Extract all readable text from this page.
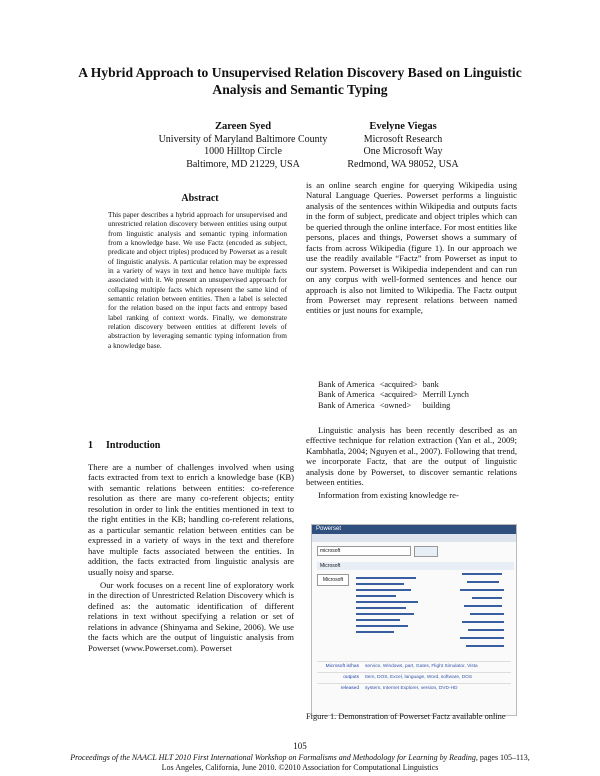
A Hybrid Approach to Unsupervised Relation Discovery Based on Linguistic Analysis and Semantic Typing
Zareen Syed
University of Maryland Baltimore County
1000 Hilltop Circle
Baltimore, MD 21229, USA
Evelyne Viegas
Microsoft Research
One Microsoft Way
Redmond, WA 98052, USA
Abstract

This paper describes a hybrid approach for unsupervised and unrestricted relation discovery between entities using output from linguistic analysis and semantic typing information from a knowledge base. We use Factz (encoded as subject, predicate and object triples) produced by Powerset as a result of linguistic analysis. A particular relation may be expressed in a variety of ways in text and hence have multiple facts associated with it. We present an unsupervised approach for collapsing multiple facts which represent the same kind of semantic relation between entities. Then a label is selected for the relation based on the input facts and entropy based label ranking of context words. Finally, we demonstrate relation discovery between entities at different levels of abstraction by leveraging semantic typing information from a knowledge base.

1 Introduction

There are a number of challenges involved when using facts extracted from text to enrich a knowledge base (KB) with semantic relations between entities: co-reference resolution as there are many co-referent objects; entity resolution in order to link the entities mentioned in text to the right entities in the KB; handling co-referent relations, as a particular semantic relation between entities can be expressed in a variety of ways in the text and therefore have multiple facts associated between the entities. In addition, the facts extracted from linguistic analysis are usually noisy and sparse.

Our work focuses on a recent line of exploratory work in the direction of Unrestricted Relation Discovery which is defined as: the automatic identification of different relations in text without specifying a relation or set of relations in advance (Shinyama and Sekine, 2006). We use the facts which are the output of linguistic analysis from Powerset (www.Powerset.com). Powerset

is an online search engine for querying Wikipedia using Natural Language Queries. Powerset performs a linguistic analysis of the sentences within Wikipedia and outputs facts in the form of subject, predicate and object triples which can be queried through the online interface. For most entities like persons, places and things, Powerset shows a summary of facts from across Wikipedia (figure 1). In our approach we use the readily available “Factz” from Powerset as input to our system. Powerset is Wikipedia independent and can run on any corpus with well-formed sentences and hence our approach is also not limited to Wikipedia. The Factz output from Powerset may represent relations between named entities or just nouns for example,

Bank of America	<acquired>	bank
Bank of America	<acquired>	Merrill Lynch
Bank of America	<owned>	building

Linguistic analysis has been recently described as an effective technique for relation extraction (Yan et al., 2009; Kambhatla, 2004; Nguyen et al., 2007). Following that trend, we incorporate Factz, that are the output of linguistic analysis done by Powerset, to discover semantic relations between entities.

Information from existing knowledge re-

Powerset
microsoft
Microsoft
Microsoft
Microsoft is/has service, Windows, part, Gates, Flight Simulator, Vista
outputs Item, DOS, Excel, language, Word, software, DOS
released system, Internet Explorer, version, DVD-HD
Figure 1. Demonstration of Powerset Factz available online
105
Proceedings of the NAACL HLT 2010 First International Workshop on Formalisms and Methodology for Learning by Reading, pages 105–113,
Los Angeles, California, June 2010. ©2010 Association for Computational Linguistics
